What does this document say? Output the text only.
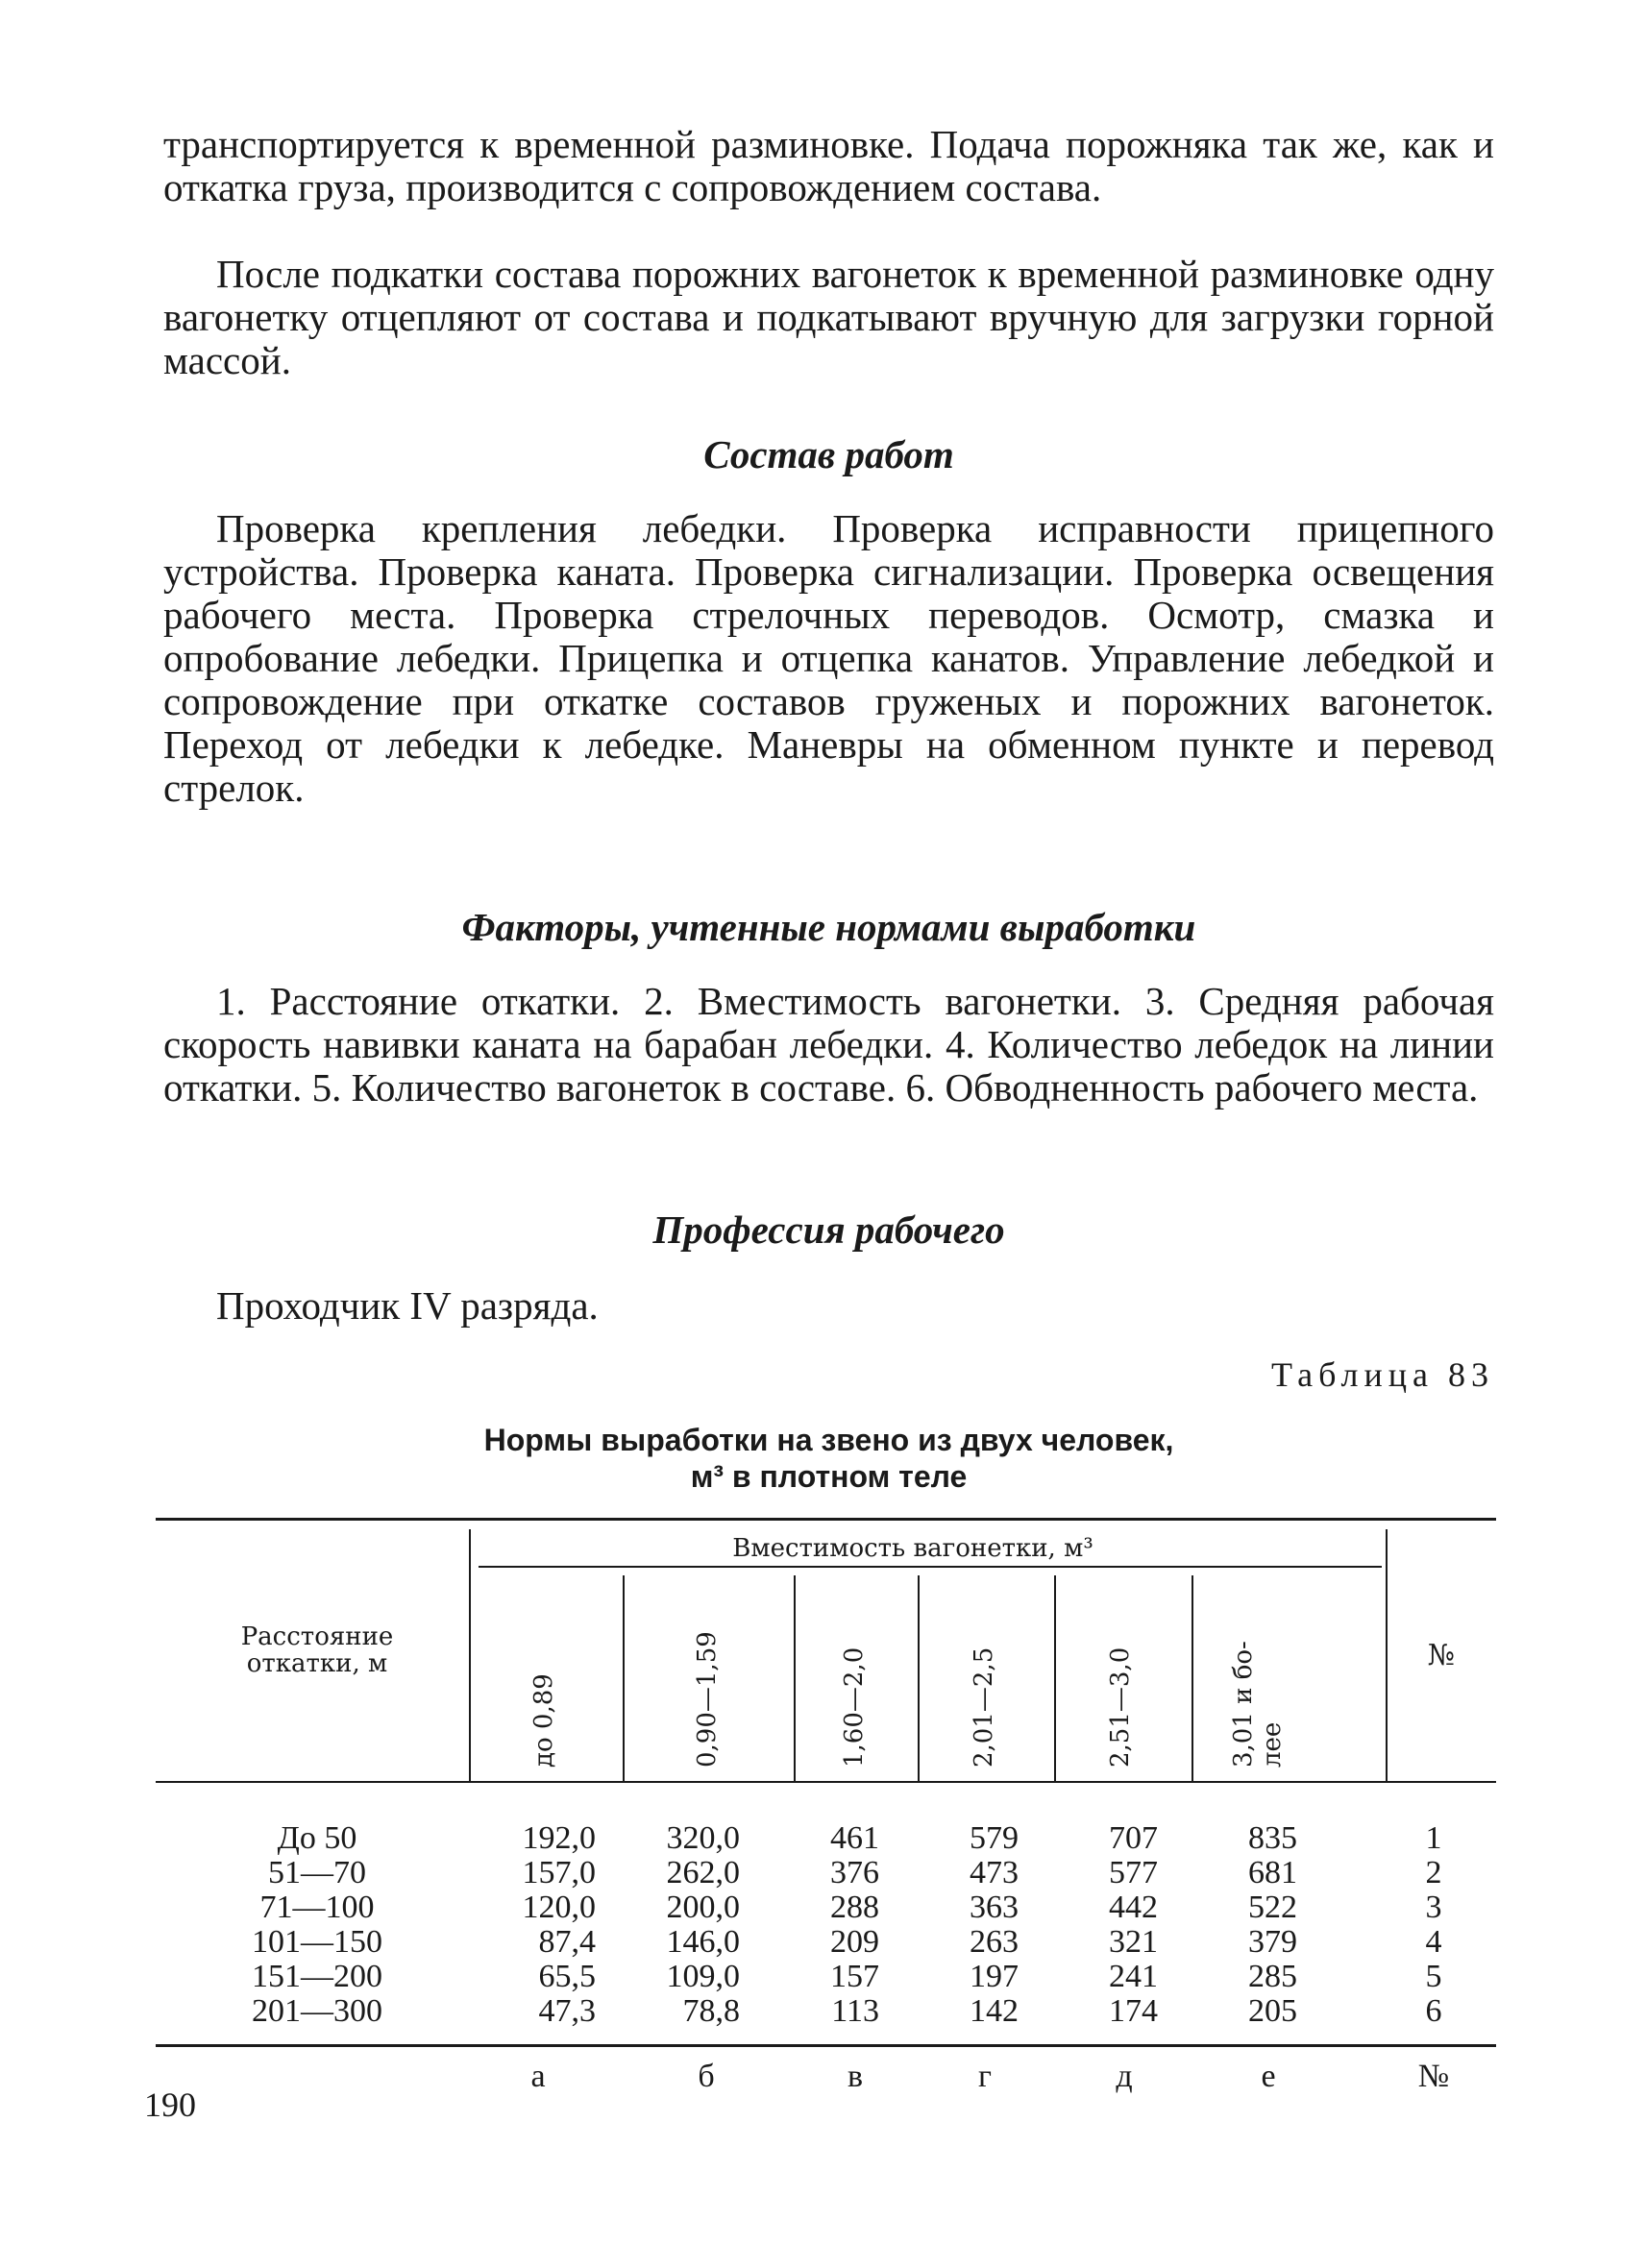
транспортируется к временной разминовке. Подача порожняка так же, как и откатка груза, производится с сопровождением состава.

После подкатки состава порожних вагонеток к временной разминовке одну вагонетку отцепляют от состава и подкатывают вручную для загрузки горной массой.

Состав работ

Проверка крепления лебедки. Проверка исправности прицепного устройства. Проверка каната. Проверка сигнализации. Проверка освещения рабочего места. Проверка стрелочных переводов. Осмотр, смазка и опробование лебедки. Прицепка и отцепка канатов. Управление лебедкой и сопровождение при откатке составов груженых и порожних вагонеток. Переход от лебедки к лебедке. Маневры на обменном пункте и перевод стрелок.

Факторы, учтенные нормами выработки

1. Расстояние откатки. 2. Вместимость вагонетки. 3. Средняя рабочая скорость навивки каната на барабан лебедки. 4. Количество лебедок на линии откатки. 5. Количество вагонеток в составе. 6. Обводненность рабочего места.

Профессия рабочего

Проходчик IV разряда.

Таблица 83
Нормы выработки на звено из двух человек,
м³ в плотном теле
Расстояние откатки, м
Вместимость вагонетки, м³
№
до 0,89	0,90—1,59	1,60—2,0	2,01—2,5	2,51—3,0	3,01 и бо- лее
До 50	192,0	320,0	461	579	707	835	1
51—70	157,0	262,0	376	473	577	681	2
71—100	120,0	200,0	288	363	442	522	3
101—150	87,4	146,0	209	263	321	379	4
151—200	65,5	109,0	157	197	241	285	5
201—300	47,3	78,8	113	142	174	205	6
а	б	в	г	д	е	№
190
